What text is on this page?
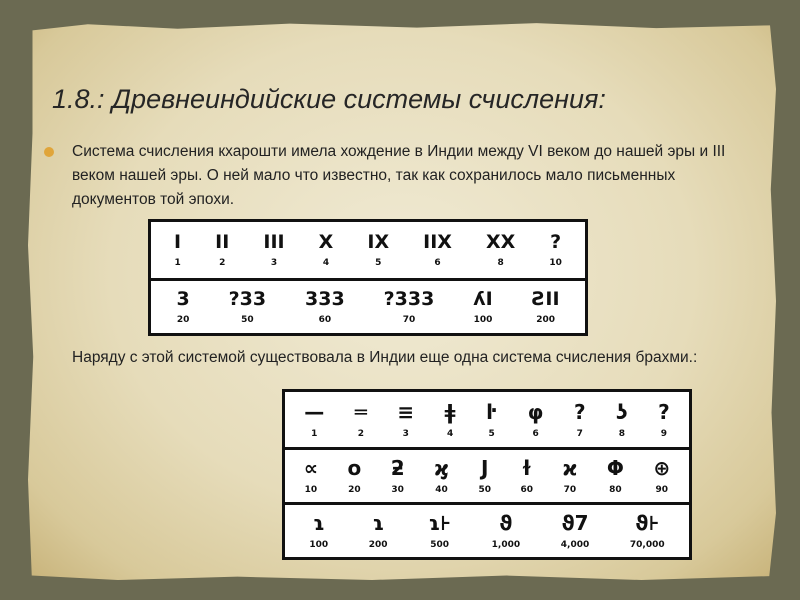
1.8.: Древнеиндийские системы счисления:

Система счисления кхарошти имела хождение в Индии между VI веком до нашей эры и III веком нашей эры. О ней мало что известно, так как сохранилось мало письменных документов той эпохи.

I
1
II
2
III
3
X
4
IX
5
IIX
6
XX
8
?
10
3
20
?33
50
333
60
?333
70
ʎI
100
ƧII
200

Наряду с этой системой существовала в Индии еще одна система счисления брахми.:

—
1
═
2
≡
3
ǂ
4
ŀ
5
φ
6
?
7
ʖ
8
?
9
∝
10
o
20
ƻ
30
ϗ
40
J
50
ɫ
60
ϰ
70
Φ
80
⊕
90
ɿ
100
ɿ
200
ɿ⊦
500
ϑ
1,000
ϑ7
4,000
ϑ⊦
70,000
